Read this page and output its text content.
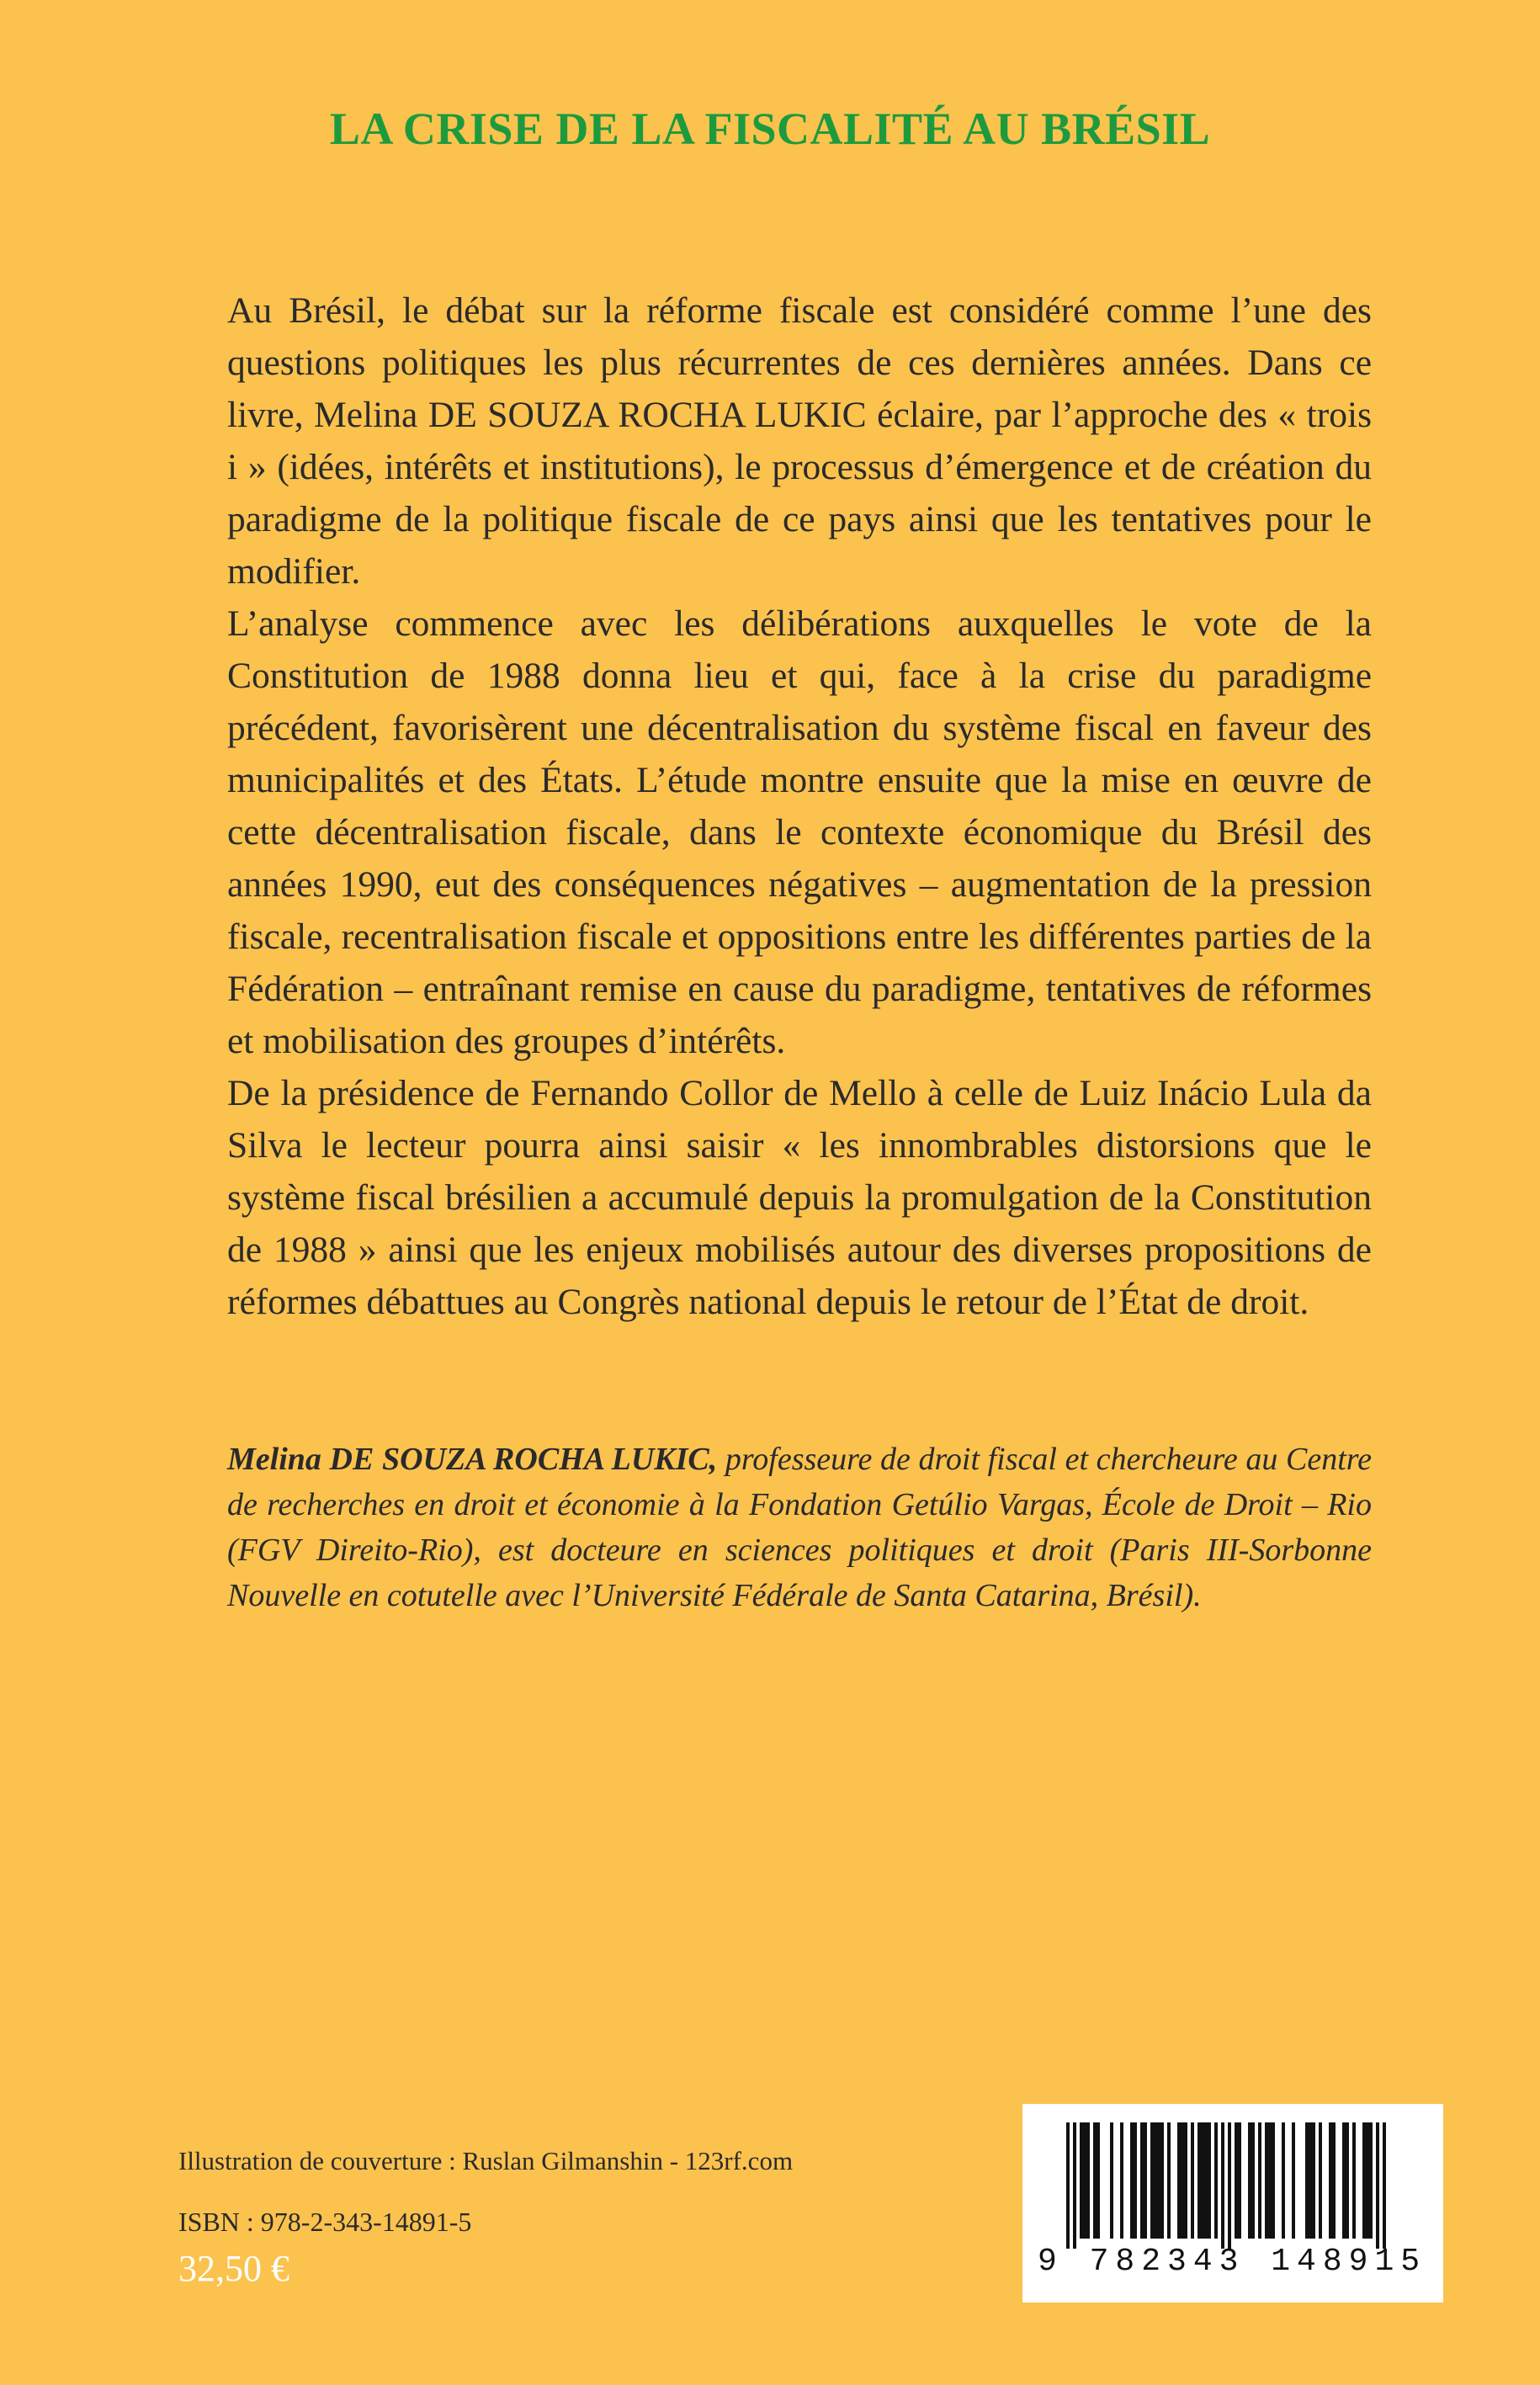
LA CRISE DE LA FISCALITÉ AU BRÉSIL

Au Brésil, le débat sur la réforme fiscale est considéré comme l’une des questions politiques les plus récurrentes de ces dernières années. Dans ce livre, Melina DE SOUZA ROCHA LUKIC éclaire, par l’approche des « trois i » (idées, intérêts et institutions), le processus d’émergence et de création du paradigme de la politique fiscale de ce pays ainsi que les tentatives pour le modifier.

L’analyse commence avec les délibérations auxquelles le vote de la Constitution de 1988 donna lieu et qui, face à la crise du paradigme précédent, favorisèrent une décentralisation du système fiscal en faveur des municipalités et des États. L’étude montre ensuite que la mise en œuvre de cette décentralisation fiscale, dans le contexte économique du Brésil des années 1990, eut des conséquences négatives – augmentation de la pression fiscale, recentralisation fiscale et oppositions entre les différentes parties de la Fédération – entraînant remise en cause du paradigme, tentatives de réformes et mobilisation des groupes d’intérêts.

De la présidence de Fernando Collor de Mello à celle de Luiz Inácio Lula da Silva le lecteur pourra ainsi saisir « les innombrables distorsions que le système fiscal brésilien a accumulé depuis la promulgation de la Constitution de 1988 » ainsi que les enjeux mobilisés autour des diverses propositions de réformes débattues au Congrès national depuis le retour de l’État de droit.

Melina DE SOUZA ROCHA LUKIC, professeure de droit fiscal et chercheure au Centre de recherches en droit et économie à la Fondation Getúlio Vargas, École de Droit – Rio (FGV Direito-Rio), est docteure en sciences politiques et droit (Paris III-Sorbonne Nouvelle en cotutelle avec l’Université Fédérale de Santa Catarina, Brésil).
Illustration de couverture : Ruslan Gilmanshin - 123rf.com
ISBN : 978-2-343-14891-5
32,50 €	9 782343 148915
